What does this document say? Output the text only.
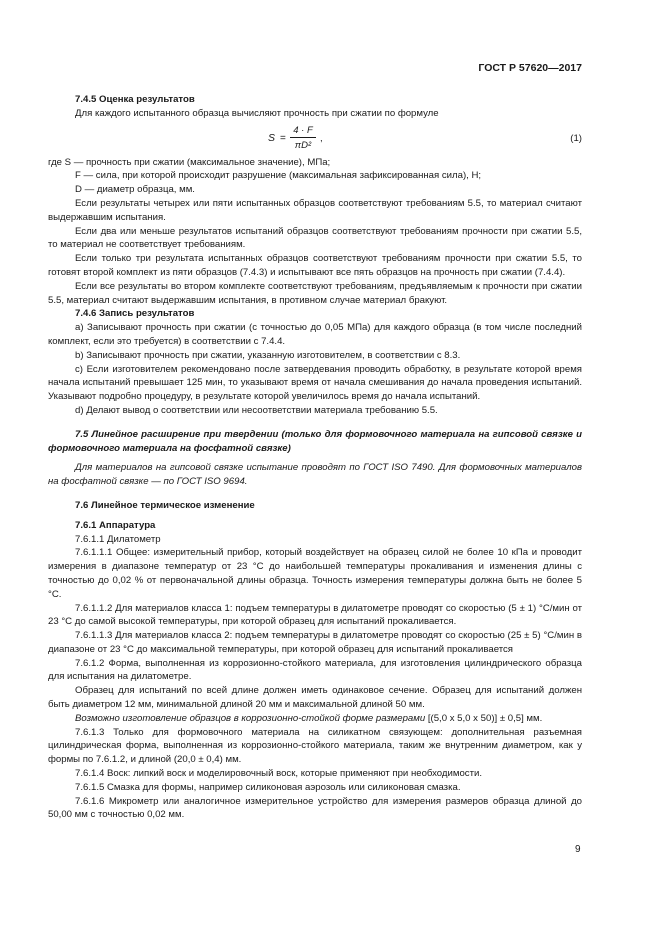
ГОСТ Р 57620—2017

7.4.5 Оценка результатов

Для каждого испытанного образца вычисляют прочность при сжатии по формуле

$S = \frac{4 \cdot F}{\text{πD²}}$ ,	(1)

где S — прочность при сжатии (максимальное значение), МПа;

F — сила, при которой происходит разрушение (максимальная зафиксированная сила), Н;

D — диаметр образца, мм.

Если результаты четырех или пяти испытанных образцов соответствуют требованиям 5.5, то материал считают выдержавшим испытания.

Если два или меньше результатов испытаний образцов соответствуют требованиям прочности при сжатии 5.5, то материал не соответствует требованиям.

Если только три результата испытанных образцов соответствуют требованиям прочности при сжатии 5.5, то готовят второй комплект из пяти образцов (7.4.3) и испытывают все пять образцов на прочность при сжатии (7.4.4).

Если все результаты во втором комплекте соответствуют требованиям, предъявляемым к прочности при сжатии 5.5, материал считают выдержавшим испытания, в противном случае материал бракуют.

7.4.6 Запись результатов

a) Записывают прочность при сжатии (с точностью до 0,05 МПа) для каждого образца (в том числе последний комплект, если это требуется) в соответствии с 7.4.4.

b) Записывают прочность при сжатии, указанную изготовителем, в соответствии с 8.3.

c) Если изготовителем рекомендовано после затвердевания проводить обработку, в результате которой время начала испытаний превышает 125 мин, то указывают время от начала смешивания до начала проведения испытаний. Указывают подробно процедуру, в результате которой увеличилось время до начала испытаний.

d) Делают вывод о соответствии или несоответствии материала требованию 5.5.

7.5 Линейное расширение при твердении (только для формовочного материала на гипсовой связке и формовочного материала на фосфатной связке)

Для материалов на гипсовой связке испытание проводят по ГОСТ ISO 7490. Для формовочных материалов на фосфатной связке — по ГОСТ ISO 9694.

7.6 Линейное термическое изменение

7.6.1 Аппаратура

7.6.1.1 Дилатометр

7.6.1.1.1 Общее: измерительный прибор, который воздействует на образец силой не более 10 кПа и проводит измерения в диапазоне температур от 23 °С до наибольшей температуры прокаливания и изменения длины с точностью до 0,02 % от первоначальной длины образца. Точность измерения температуры должна быть не более 5 °С.

7.6.1.1.2 Для материалов класса 1: подъем температуры в дилатометре проводят со скоростью (5 ± 1) °С/мин от 23 °С до самой высокой температуры, при которой образец для испытаний прокаливается.

7.6.1.1.3 Для материалов класса 2: подъем температуры в дилатометре проводят со скоростью (25 ± 5) °С/мин в диапазоне от 23 °С до максимальной температуры, при которой образец для испытаний прокаливается

7.6.1.2 Форма, выполненная из коррозионно-стойкого материала, для изготовления цилиндрического образца для испытания на дилатометре.

Образец для испытаний по всей длине должен иметь одинаковое сечение. Образец для испытаний должен быть диаметром 12 мм, минимальной длиной 20 мм и максимальной длиной 50 мм.

Возможно изготовление образцов в коррозионно-стойкой форме размерами [(5,0 x 5,0 x 50)] ± 0,5] мм.

7.6.1.3 Только для формовочного материала на силикатном связующем: дополнительная разъемная цилиндрическая форма, выполненная из коррозионно-стойкого материала, таким же внутренним диаметром, как у формы по 7.6.1.2, и длиной (20,0 ± 0,4) мм.

7.6.1.4 Воск: липкий воск и моделировочный воск, которые применяют при необходимости.

7.6.1.5 Смазка для формы, например силиконовая аэрозоль или силиконовая смазка.

7.6.1.6 Микрометр или аналогичное измерительное устройство для измерения размеров образца длиной до 50,00 мм с точностью 0,02 мм.

9
